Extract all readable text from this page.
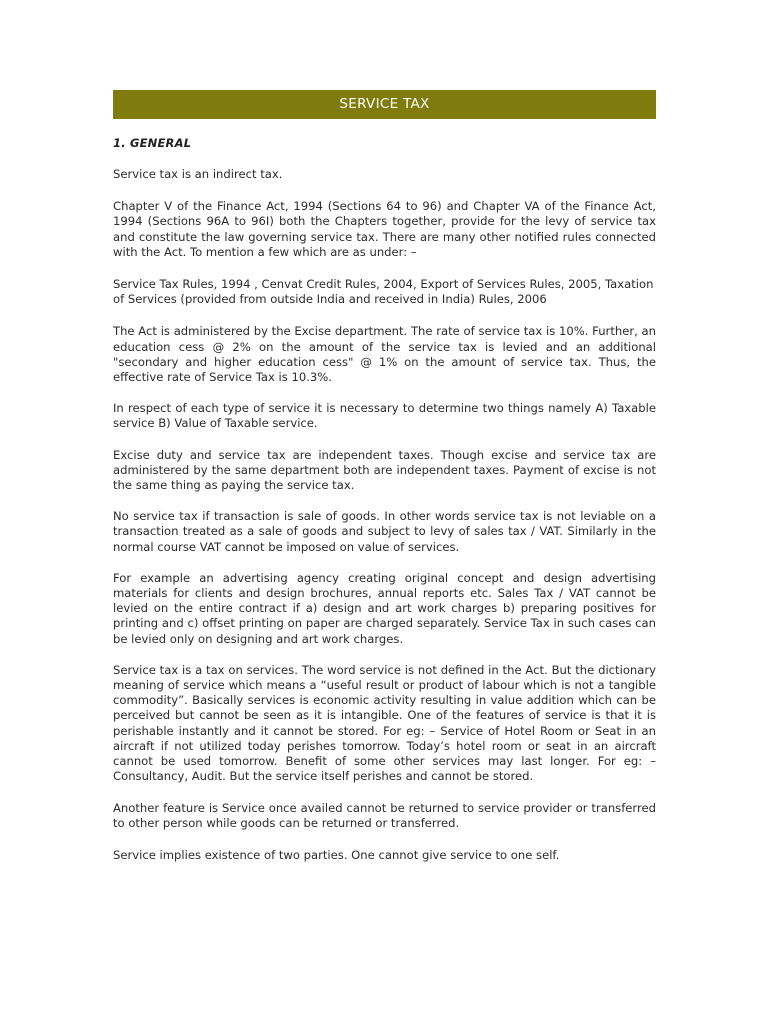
SERVICE TAX
1. GENERAL

Service tax is an indirect tax.

Chapter V of the Finance Act, 1994 (Sections 64 to 96) and Chapter VA of the Finance Act, 1994 (Sections 96A to 96I) both the Chapters together, provide for the levy of service tax and constitute the law governing service tax. There are many other notified rules connected with the Act. To mention a few which are as under: –

Service Tax Rules, 1994 , Cenvat Credit Rules, 2004, Export of Services Rules, 2005, Taxation of Services (provided from outside India and received in India) Rules, 2006

The Act is administered by the Excise department. The rate of service tax is 10%. Further, an education cess @ 2% on the amount of the service tax is levied and an additional "secondary and higher education cess" @ 1% on the amount of service tax. Thus, the effective rate of Service Tax is 10.3%.

In respect of each type of service it is necessary to determine two things namely A) Taxable service B) Value of Taxable service.

Excise duty and service tax are independent taxes. Though excise and service tax are administered by the same department both are independent taxes. Payment of excise is not the same thing as paying the service tax.

No service tax if transaction is sale of goods. In other words service tax is not leviable on a transaction treated as a sale of goods and subject to levy of sales tax / VAT. Similarly in the normal course VAT cannot be imposed on value of services.

For example an advertising agency creating original concept and design advertising materials for clients and design brochures, annual reports etc. Sales Tax / VAT cannot be levied on the entire contract if a) design and art work charges b) preparing positives for printing and c) offset printing on paper are charged separately. Service Tax in such cases can be levied only on designing and art work charges.

Service tax is a tax on services. The word service is not defined in the Act. But the dictionary meaning of service which means a “useful result or product of labour which is not a tangible commodity”. Basically services is economic activity resulting in value addition which can be perceived but cannot be seen as it is intangible. One of the features of service is that it is perishable instantly and it cannot be stored. For eg: – Service of Hotel Room or Seat in an aircraft if not utilized today perishes tomorrow. Today’s hotel room or seat in an aircraft cannot be used tomorrow. Benefit of some other services may last longer. For eg: – Consultancy, Audit. But the service itself perishes and cannot be stored.

Another feature is Service once availed cannot be returned to service provider or transferred to other person while goods can be returned or transferred.

Service implies existence of two parties. One cannot give service to one self.
